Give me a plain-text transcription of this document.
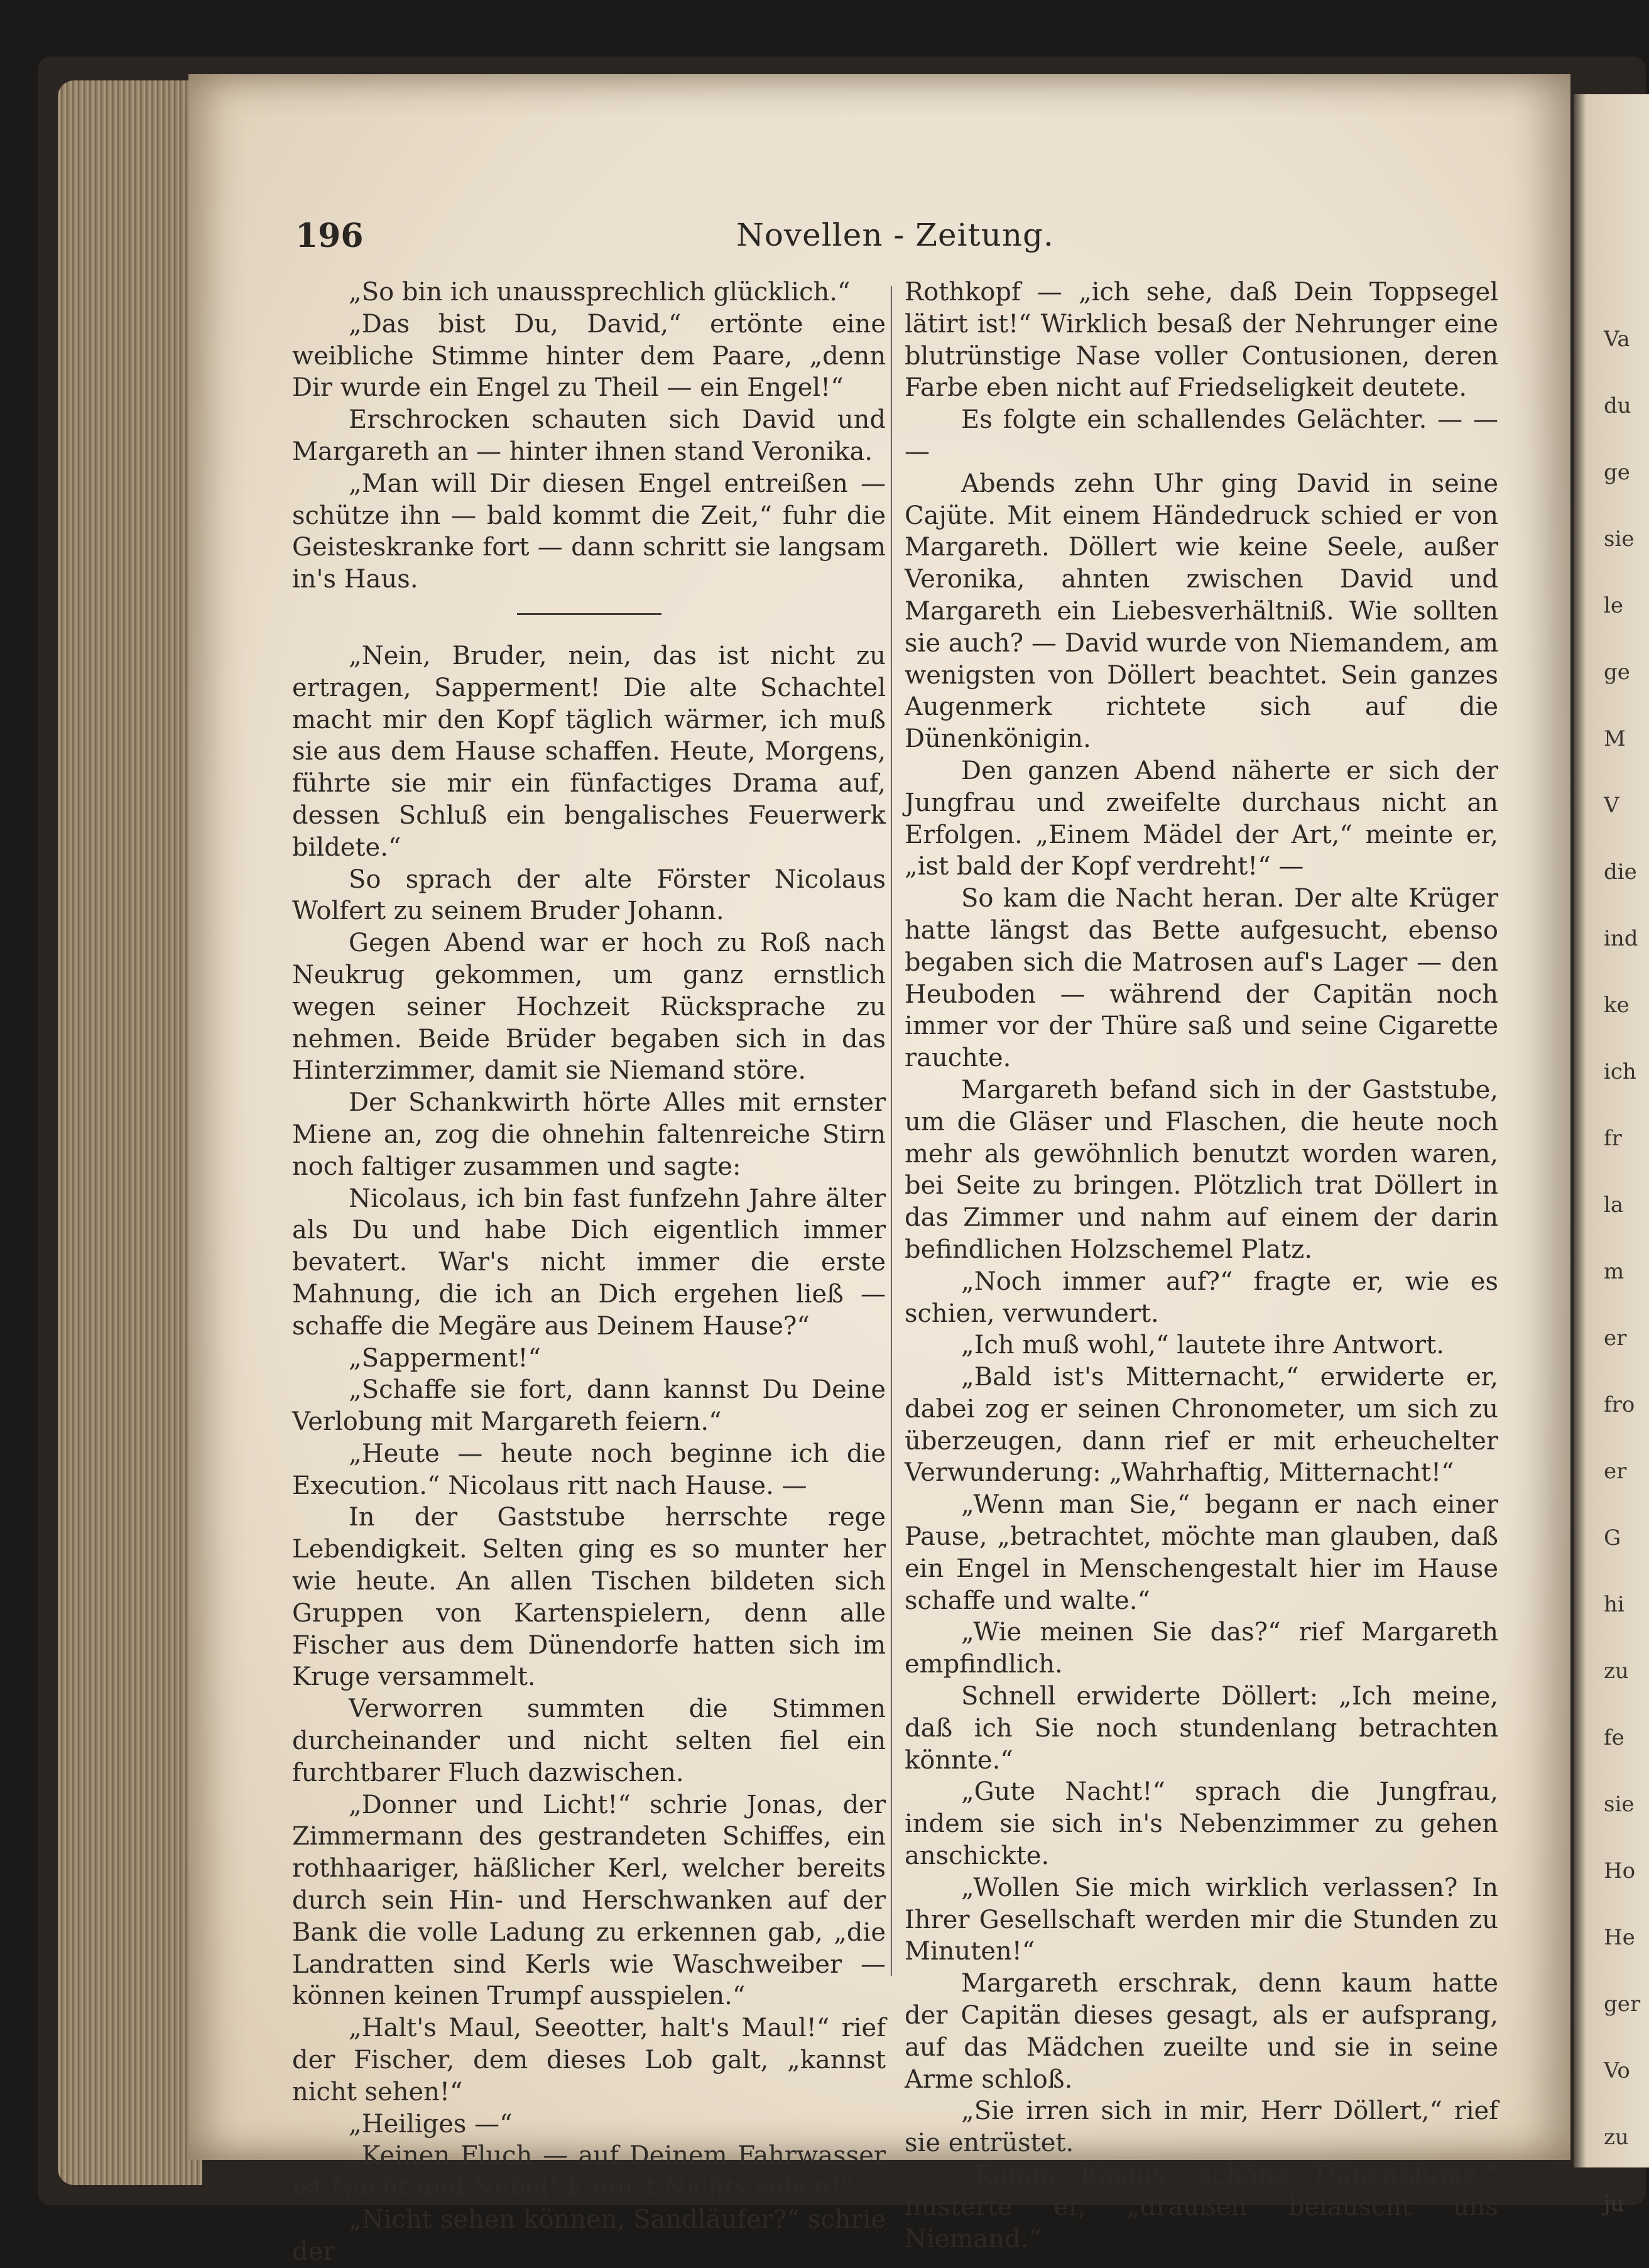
Va
du
ge
sie
le
ge
M
V
die
ind
ke
ich
fr
la
m
er
fro
er
G
hi
zu
fe
sie
Ho
He
ger
Vo
zu
ju
196	Novellen - Zeitung.

„So bin ich unaussprechlich glücklich.“

„Das bist Du, David,“ ertönte eine weibliche Stimme hinter dem Paare, „denn Dir wurde ein Engel zu Theil — ein Engel!“

Erschrocken schauten sich David und Margareth an — hinter ihnen stand Veronika.

„Man will Dir diesen Engel entreißen — schütze ihn — bald kommt die Zeit,“ fuhr die Geisteskranke fort — dann schritt sie langsam in's Haus.

„Nein, Bruder, nein, das ist nicht zu ertragen, Sapperment! Die alte Schachtel macht mir den Kopf täglich wärmer, ich muß sie aus dem Hause schaffen. Heute, Morgens, führte sie mir ein fünfactiges Drama auf, dessen Schluß ein bengalisches Feuerwerk bildete.“

So sprach der alte Förster Nicolaus Wolfert zu seinem Bruder Johann.

Gegen Abend war er hoch zu Roß nach Neukrug gekommen, um ganz ernstlich wegen seiner Hochzeit Rücksprache zu nehmen. Beide Brüder begaben sich in das Hinterzimmer, damit sie Niemand störe.

Der Schankwirth hörte Alles mit ernster Miene an, zog die ohnehin faltenreiche Stirn noch faltiger zusammen und sagte:

Nicolaus, ich bin fast funfzehn Jahre älter als Du und habe Dich eigentlich immer bevatert. War's nicht immer die erste Mahnung, die ich an Dich ergehen ließ — schaffe die Megäre aus Deinem Hause?“

„Sapperment!“

„Schaffe sie fort, dann kannst Du Deine Verlobung mit Margareth feiern.“

„Heute — heute noch beginne ich die Execution.“ Nicolaus ritt nach Hause. —

In der Gaststube herrschte rege Lebendigkeit. Selten ging es so munter her wie heute. An allen Tischen bildeten sich Gruppen von Kartenspielern, denn alle Fischer aus dem Dünendorfe hatten sich im Kruge versammelt.

Verworren summten die Stimmen durcheinander und nicht selten fiel ein furchtbarer Fluch dazwischen.

„Donner und Licht!“ schrie Jonas, der Zimmermann des gestrandeten Schiffes, ein rothhaariger, häßlicher Kerl, welcher bereits durch sein Hin- und Herschwanken auf der Bank die volle Ladung zu erkennen gab, „die Landratten sind Kerls wie Waschweiber — können keinen Trumpf ausspielen.“

„Halt's Maul, Seeotter, halt's Maul!“ rief der Fischer, dem dieses Lob galt, „kannst nicht sehen!“

„Heiliges —“

„Keinen Fluch — auf Deinem Fahrwasser ist Nacht und Nebel! Kannst Nichts sehen!“

„Nicht sehen können, Sandläufer?“ schrie der

Rothkopf — „ich sehe, daß Dein Toppsegel lätirt ist!“ Wirklich besaß der Nehrunger eine blutrünstige Nase voller Contusionen, deren Farbe eben nicht auf Friedseligkeit deutete.

Es folgte ein schallendes Gelächter. — — —

Abends zehn Uhr ging David in seine Cajüte. Mit einem Händedruck schied er von Margareth. Döllert wie keine Seele, außer Veronika, ahnten zwischen David und Margareth ein Liebesverhältniß. Wie sollten sie auch? — David wurde von Niemandem, am wenigsten von Döllert beachtet. Sein ganzes Augenmerk richtete sich auf die Dünenkönigin.

Den ganzen Abend näherte er sich der Jungfrau und zweifelte durchaus nicht an Erfolgen. „Einem Mädel der Art,“ meinte er, „ist bald der Kopf verdreht!“ —

So kam die Nacht heran. Der alte Krüger hatte längst das Bette aufgesucht, ebenso begaben sich die Matrosen auf's Lager — den Heuboden — während der Capitän noch immer vor der Thüre saß und seine Cigarette rauchte.

Margareth befand sich in der Gaststube, um die Gläser und Flaschen, die heute noch mehr als gewöhnlich benutzt worden waren, bei Seite zu bringen. Plötzlich trat Döllert in das Zimmer und nahm auf einem der darin befindlichen Holzschemel Platz.

„Noch immer auf?“ fragte er, wie es schien, verwundert.

„Ich muß wohl,“ lautete ihre Antwort.

„Bald ist's Mitternacht,“ erwiderte er, dabei zog er seinen Chronometer, um sich zu überzeugen, dann rief er mit erheuchelter Verwunderung: „Wahrhaftig, Mitternacht!“

„Wenn man Sie,“ begann er nach einer Pause, „betrachtet, möchte man glauben, daß ein Engel in Menschengestalt hier im Hause schaffe und walte.“

„Wie meinen Sie das?“ rief Margareth empfindlich.

Schnell erwiderte Döllert: „Ich meine, daß ich Sie noch stundenlang betrachten könnte.“

„Gute Nacht!“ sprach die Jungfrau, indem sie sich in's Nebenzimmer zu gehen anschickte.

„Wollen Sie mich wirklich verlassen? In Ihrer Gesellschaft werden mir die Stunden zu Minuten!“

Margareth erschrak, denn kaum hatte der Capitän dieses gesagt, als er aufsprang, auf das Mädchen zueilte und sie in seine Arme schloß.

„Sie irren sich in mir, Herr Döllert,“ rief sie entrüstet.

„Komm hinaus, schöne Dünenblume,“ flüsterte er, „draußen belauscht uns Niemand.“
